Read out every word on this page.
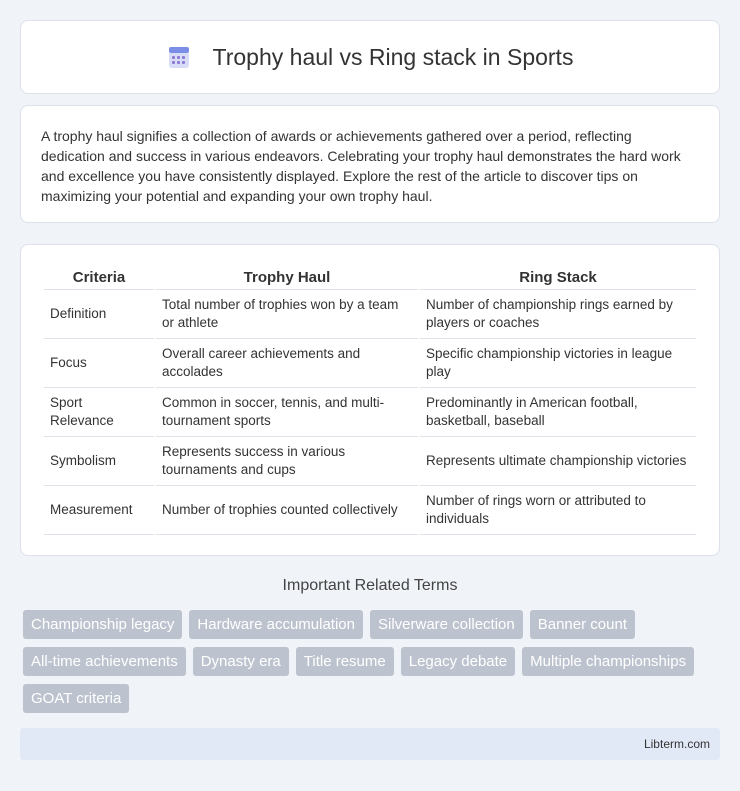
Trophy haul vs Ring stack in Sports

A trophy haul signifies a collection of awards or achievements gathered over a period, reflecting dedication and success in various endeavors. Celebrating your trophy haul demonstrates the hard work and excellence you have consistently displayed. Explore the rest of the article to discover tips on maximizing your potential and expanding your own trophy haul.

Criteria	Trophy Haul	Ring Stack
Definition	Total number of trophies won by a team or athlete	Number of championship rings earned by players or coaches
Focus	Overall career achievements and accolades	Specific championship victories in league play
Sport Relevance	Common in soccer, tennis, and multi-tournament sports	Predominantly in American football, basketball, baseball
Symbolism	Represents success in various tournaments and cups	Represents ultimate championship victories
Measurement	Number of trophies counted collectively	Number of rings worn or attributed to individuals
Important Related Terms
Championship legacy	Hardware accumulation	Silverware collection	Banner count
All-time achievements	Dynasty era	Title resume	Legacy debate	Multiple championships
GOAT criteria
Libterm.com
